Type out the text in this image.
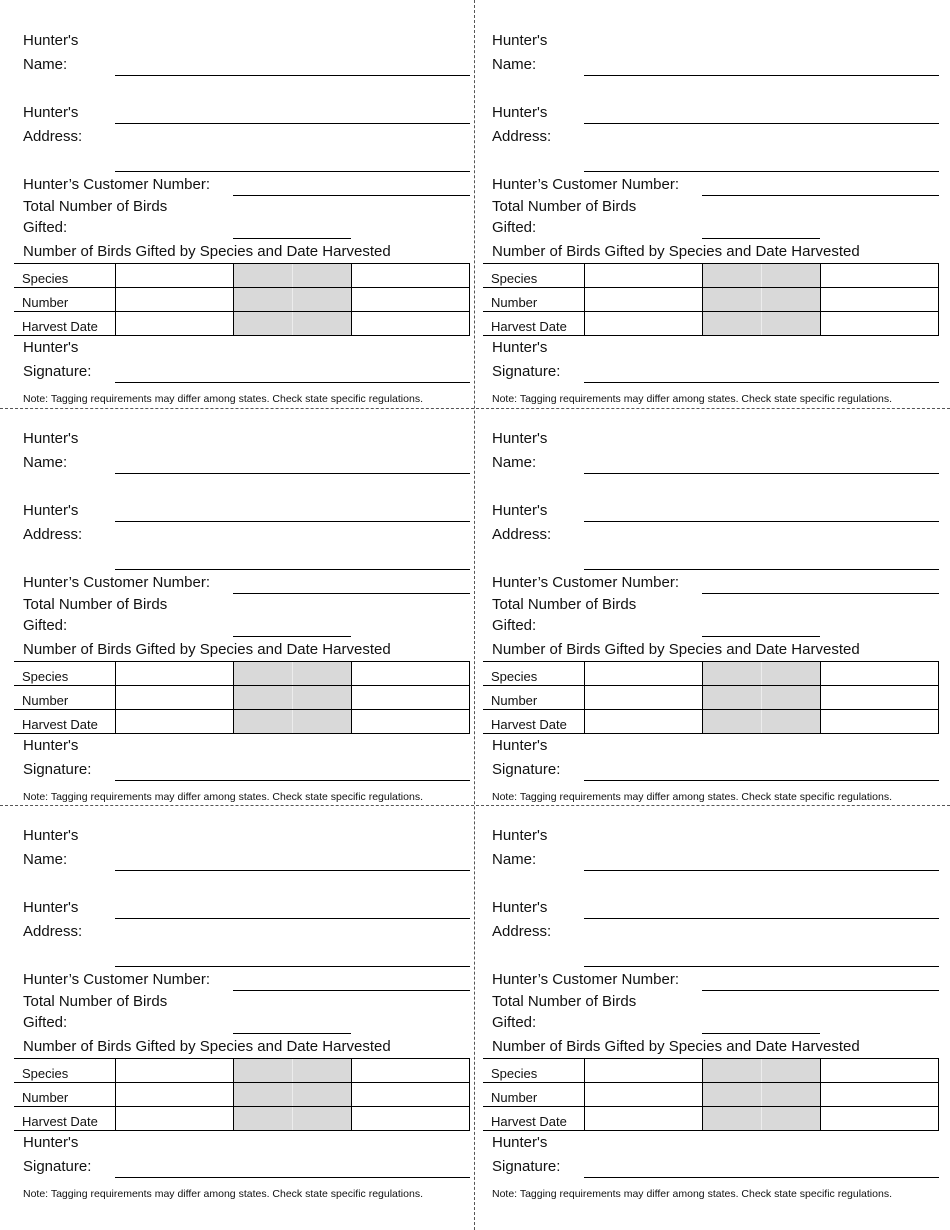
Hunter's
Name:
Hunter's
Address:
Hunter’s Customer Number:
Total Number of Birds
Gifted:
Number of Birds Gifted by Species and Date Harvested
Species			
Number			
Harvest Date			
Hunter's
Signature:
Note: Tagging requirements may differ among states. Check state specific regulations.
Hunter's
Name:
Hunter's
Address:
Hunter’s Customer Number:
Total Number of Birds
Gifted:
Number of Birds Gifted by Species and Date Harvested
Species			
Number			
Harvest Date			
Hunter's
Signature:
Note: Tagging requirements may differ among states. Check state specific regulations.
Hunter's
Name:
Hunter's
Address:
Hunter’s Customer Number:
Total Number of Birds
Gifted:
Number of Birds Gifted by Species and Date Harvested
Species			
Number			
Harvest Date			
Hunter's
Signature:
Note: Tagging requirements may differ among states. Check state specific regulations.
Hunter's
Name:
Hunter's
Address:
Hunter’s Customer Number:
Total Number of Birds
Gifted:
Number of Birds Gifted by Species and Date Harvested
Species			
Number			
Harvest Date			
Hunter's
Signature:
Note: Tagging requirements may differ among states. Check state specific regulations.
Hunter's
Name:
Hunter's
Address:
Hunter’s Customer Number:
Total Number of Birds
Gifted:
Number of Birds Gifted by Species and Date Harvested
Species			
Number			
Harvest Date			
Hunter's
Signature:
Note: Tagging requirements may differ among states. Check state specific regulations.
Hunter's
Name:
Hunter's
Address:
Hunter’s Customer Number:
Total Number of Birds
Gifted:
Number of Birds Gifted by Species and Date Harvested
Species			
Number			
Harvest Date			
Hunter's
Signature:
Note: Tagging requirements may differ among states. Check state specific regulations.
